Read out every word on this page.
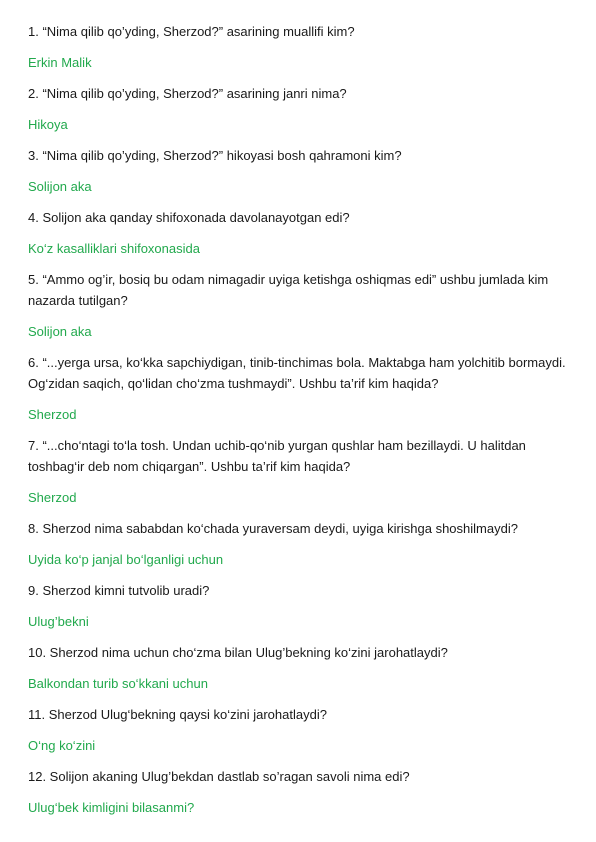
1. “Nima qilib qo’yding, Sherzod?” asarining muallifi kim?

Erkin Malik

2. “Nima qilib qo’yding, Sherzod?” asarining janri nima?

Hikoya

3. “Nima qilib qo’yding, Sherzod?” hikoyasi bosh qahramoni kim?

Solijon aka

4. Solijon aka qanday shifoxonada davolanayotgan edi?

Ko‘z kasalliklari shifoxonasida

5. “Ammo og’ir, bosiq bu odam nimagadir uyiga ketishga oshiqmas edi” ushbu jumlada kim nazarda tutilgan?

Solijon aka

6. “...yerga ursa, ko‘kka sapchiydigan, tinib-tinchimas bola. Maktabga ham yolchitib bormaydi. Og‘zidan saqich, qo‘lidan cho‘zma tushmaydi”. Ushbu ta’rif kim haqida?

Sherzod

7. “...cho‘ntagi to‘la tosh. Undan uchib-qo‘nib yurgan qushlar ham bezillaydi. U halitdan toshbag‘ir deb nom chiqargan”. Ushbu ta’rif kim haqida?

Sherzod

8. Sherzod nima sababdan ko‘chada yuraversam deydi, uyiga kirishga shoshilmaydi?

Uyida ko‘p janjal bo‘lganligi uchun

9. Sherzod kimni tutvolib uradi?

Ulug’bekni

10. Sherzod nima uchun cho‘zma bilan Ulug’bekning ko‘zini jarohatlaydi?

Balkondan turib so‘kkani uchun

11. Sherzod Ulug‘bekning qaysi ko‘zini jarohatlaydi?

O‘ng ko‘zini

12. Solijon akaning Ulug’bekdan dastlab so’ragan savoli nima edi?

Ulug‘bek kimligini bilasanmi?
